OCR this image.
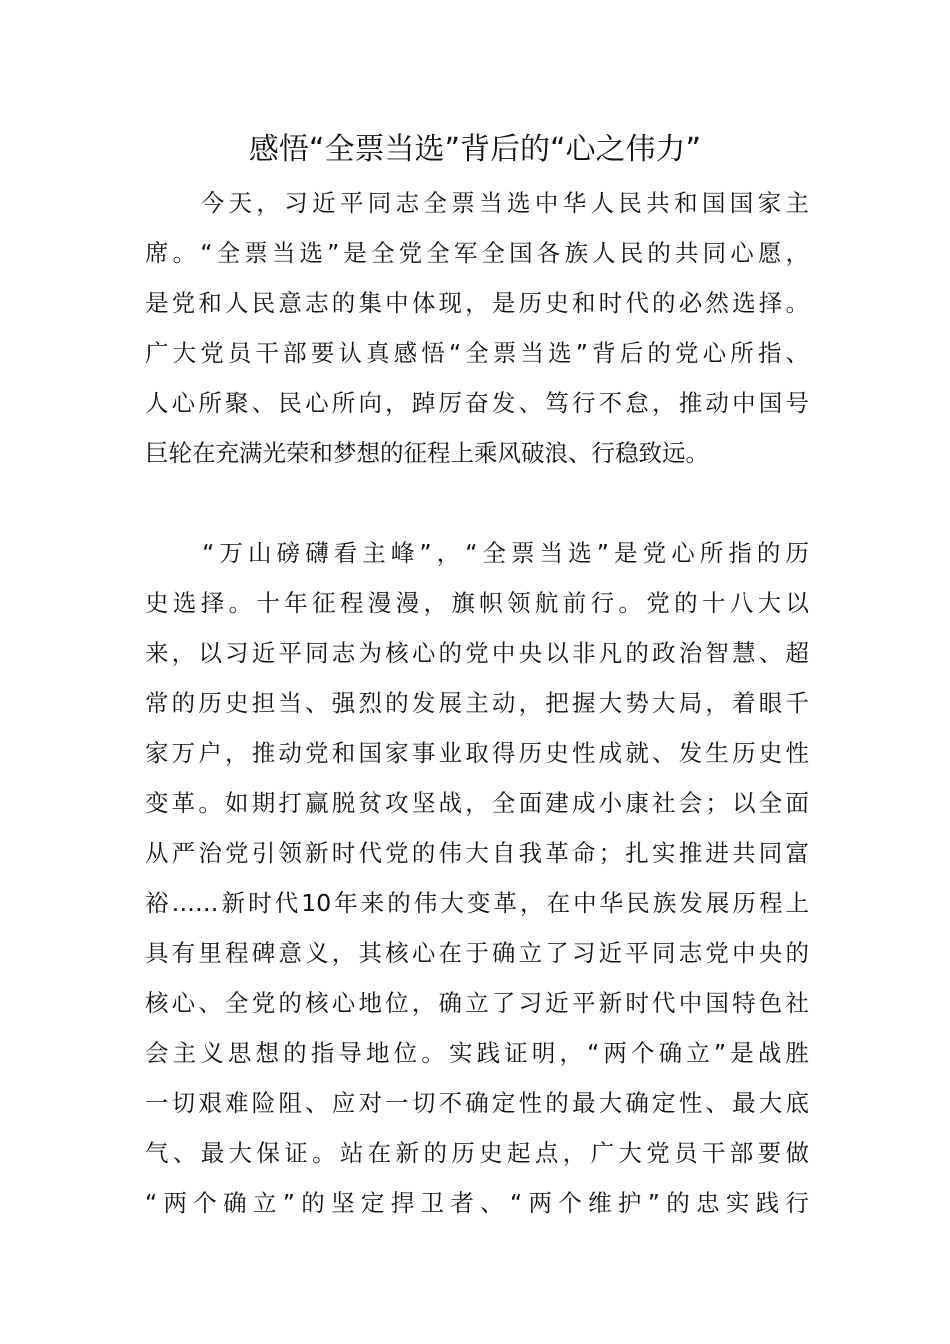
感悟“全票当选”背后的“心之伟力”
　　今天，习近平同志全票当选中华人民共和国国家主
席。“全票当选”是全党全军全国各族人民的共同心愿，
是党和人民意志的集中体现，是历史和时代的必然选择。
广大党员干部要认真感悟“全票当选”背后的党心所指、
人心所聚、民心所向，踔厉奋发、笃行不怠，推动中国号
巨轮在充满光荣和梦想的征程上乘风破浪、行稳致远。
　　“万山磅礴看主峰”，“全票当选”是党心所指的历
史选择。十年征程漫漫，旗帜领航前行。党的十八大以
来，以习近平同志为核心的党中央以非凡的政治智慧、超
常的历史担当、强烈的发展主动，把握大势大局，着眼千
家万户，推动党和国家事业取得历史性成就、发生历史性
变革。如期打赢脱贫攻坚战，全面建成小康社会；以全面
从严治党引领新时代党的伟大自我革命；扎实推进共同富
裕……新时代10年来的伟大变革，在中华民族发展历程上
具有里程碑意义，其核心在于确立了习近平同志党中央的
核心、全党的核心地位，确立了习近平新时代中国特色社
会主义思想的指导地位。实践证明，“两个确立”是战胜
一切艰难险阻、应对一切不确定性的最大确定性、最大底
气、最大保证。站在新的历史起点，广大党员干部要做
“两个确立”的坚定捍卫者、“两个维护”的忠实践行
